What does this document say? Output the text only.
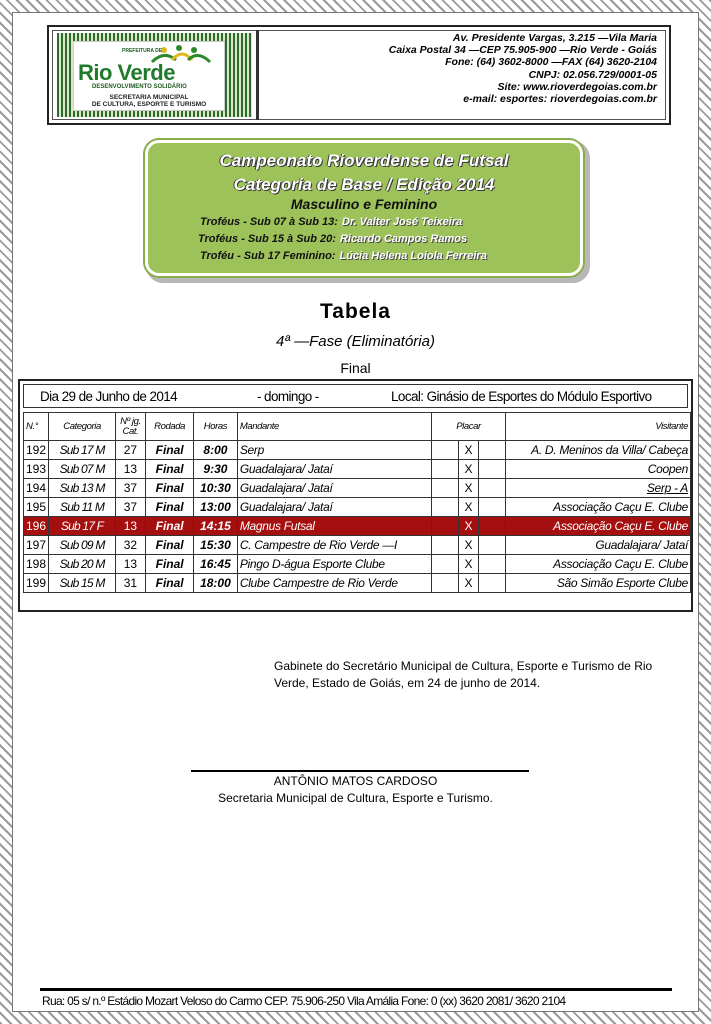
PREFEITURA DE
Rio Verde
DESENVOLVIMENTO SOLIDÁRIO
SECRETARIA MUNICIPAL
DE CULTURA, ESPORTE E TURISMO
Av. Presidente Vargas, 3.215 —Vila Maria
Caixa Postal 34 —CEP 75.905-900 —Rio Verde - Goiás
Fone: (64) 3602-8000 —FAX (64) 3620-2104
CNPJ: 02.056.729/0001-05
Site: www.rioverdegoias.com.br
e-mail: esportes: rioverdegoias.com.br
Campeonato Rioverdense de Futsal
Categoria de Base / Edição 2014
Masculino e Feminino
Troféus - Sub 07 à Sub 13: Dr. Valter José Teixeira
Troféus - Sub 15 à Sub 20: Ricardo Campos Ramos
Troféu - Sub 17 Feminino: Lúcia Helena Loiola Ferreira
Tabela
4ª —Fase (Eliminatória)
Final
Dia 29 de Junho de 2014	- domingo -	Local: Ginásio de Esportes do Módulo Esportivo
N.°	Categoria	Nº jg. Cat.	Rodada	Horas	Mandante	Placar			Visitante
192	Sub 17 M	27	Final	8:00	Serp		X		A. D. Meninos da Villa/ Cabeça
193	Sub 07 M	13	Final	9:30	Guadalajara/ Jataí		X		Coopen
194	Sub 13 M	37	Final	10:30	Guadalajara/ Jataí		X		Serp - A
195	Sub 11 M	37	Final	13:00	Guadalajara/ Jataí		X		Associação Caçu E. Clube
196	Sub 17 F	13	Final	14:15	Magnus Futsal		X		Associação Caçu E. Clube
197	Sub 09 M	32	Final	15:30	C. Campestre de Rio Verde —I		X		Guadalajara/ Jataí
198	Sub 20 M	13	Final	16:45	Pingo D-água Esporte Clube		X		Associação Caçu E. Clube
199	Sub 15 M	31	Final	18:00	Clube Campestre de Rio Verde		X		São Simão Esporte Clube
Gabinete do Secretário Municipal de Cultura, Esporte e Turismo de Rio Verde, Estado de Goiás, em 24 de junho de 2014.
ANTÔNIO MATOS CARDOSO
Secretaria Municipal de Cultura, Esporte e Turismo.
Rua: 05 s/ n.º Estádio Mozart Veloso do Carmo CEP. 75.906-250 Vila Amália Fone: 0 (xx) 3620 2081/ 3620 2104
